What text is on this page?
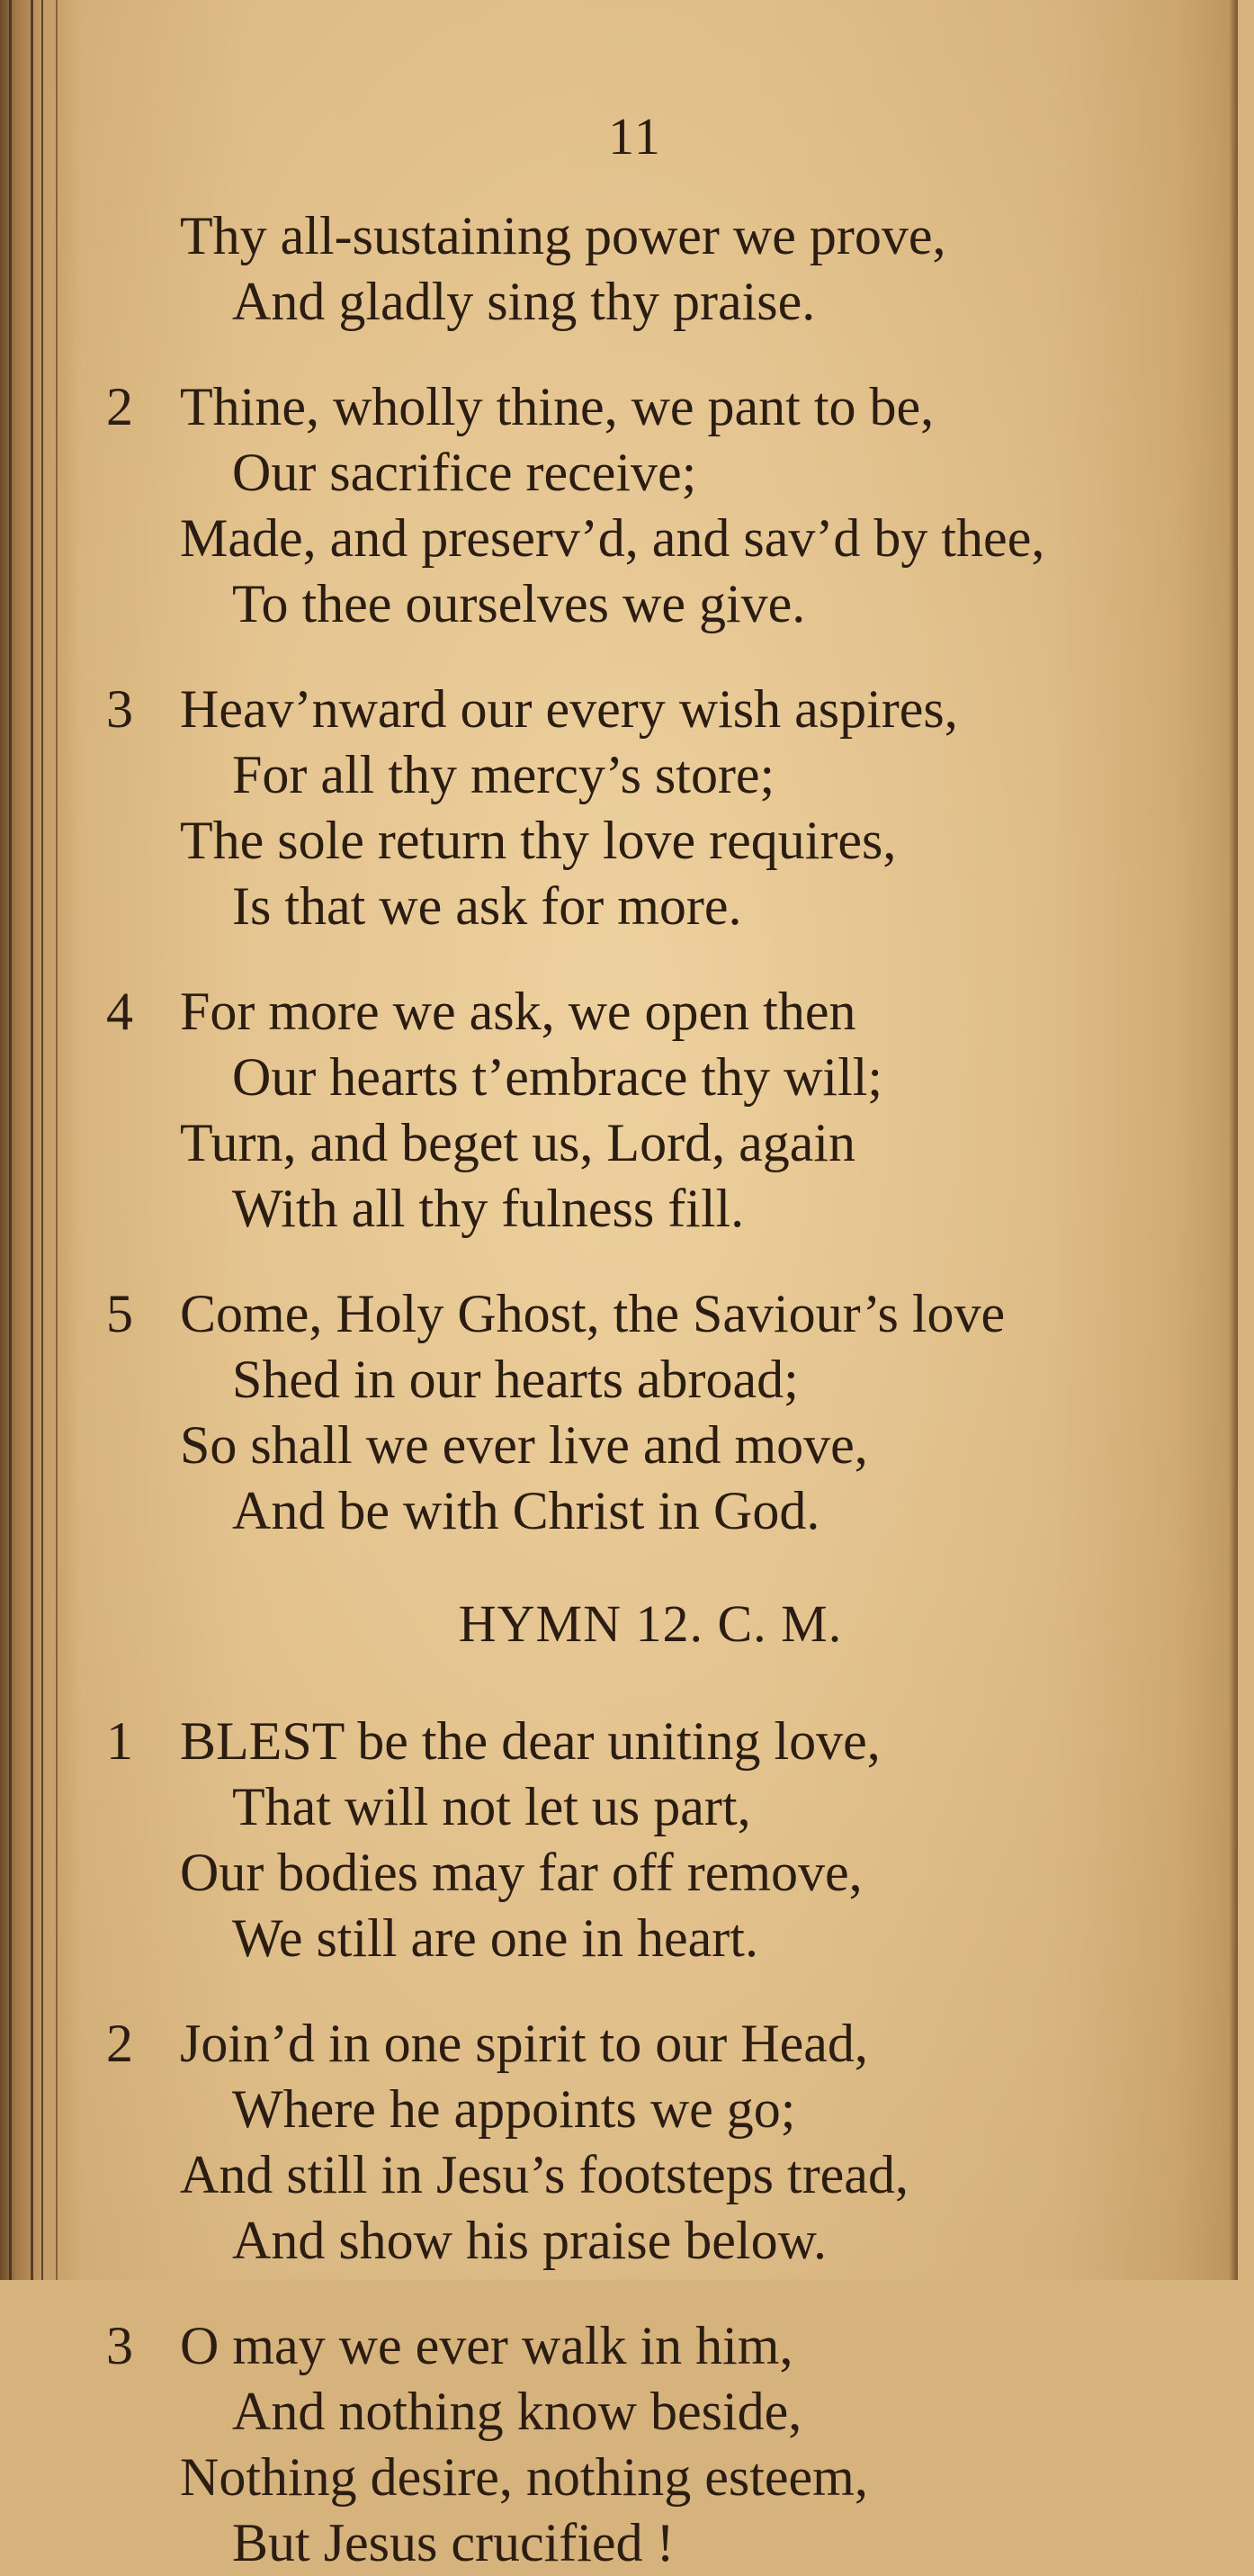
11
Thy all-sustaining power we prove,
And gladly sing thy praise.
2 Thine, wholly thine, we pant to be,
Our sacrifice receive;
Made, and preserv’d, and sav’d by thee,
To thee ourselves we give.
3 Heav’nward our every wish aspires,
For all thy mercy’s store;
The sole return thy love requires,
Is that we ask for more.
4 For more we ask, we open then
Our hearts t’embrace thy will;
Turn, and beget us, Lord, again
With all thy fulness fill.
5 Come, Holy Ghost, the Saviour’s love
Shed in our hearts abroad;
So shall we ever live and move,
And be with Christ in God.
HYMN 12. C. M.
1 BLEST be the dear uniting love,
That will not let us part,
Our bodies may far off remove,
We still are one in heart.
2 Join’d in one spirit to our Head,
Where he appoints we go;
And still in Jesu’s footsteps tread,
And show his praise below.
3 O may we ever walk in him,
And nothing know beside,
Nothing desire, nothing esteem,
But Jesus crucified !
